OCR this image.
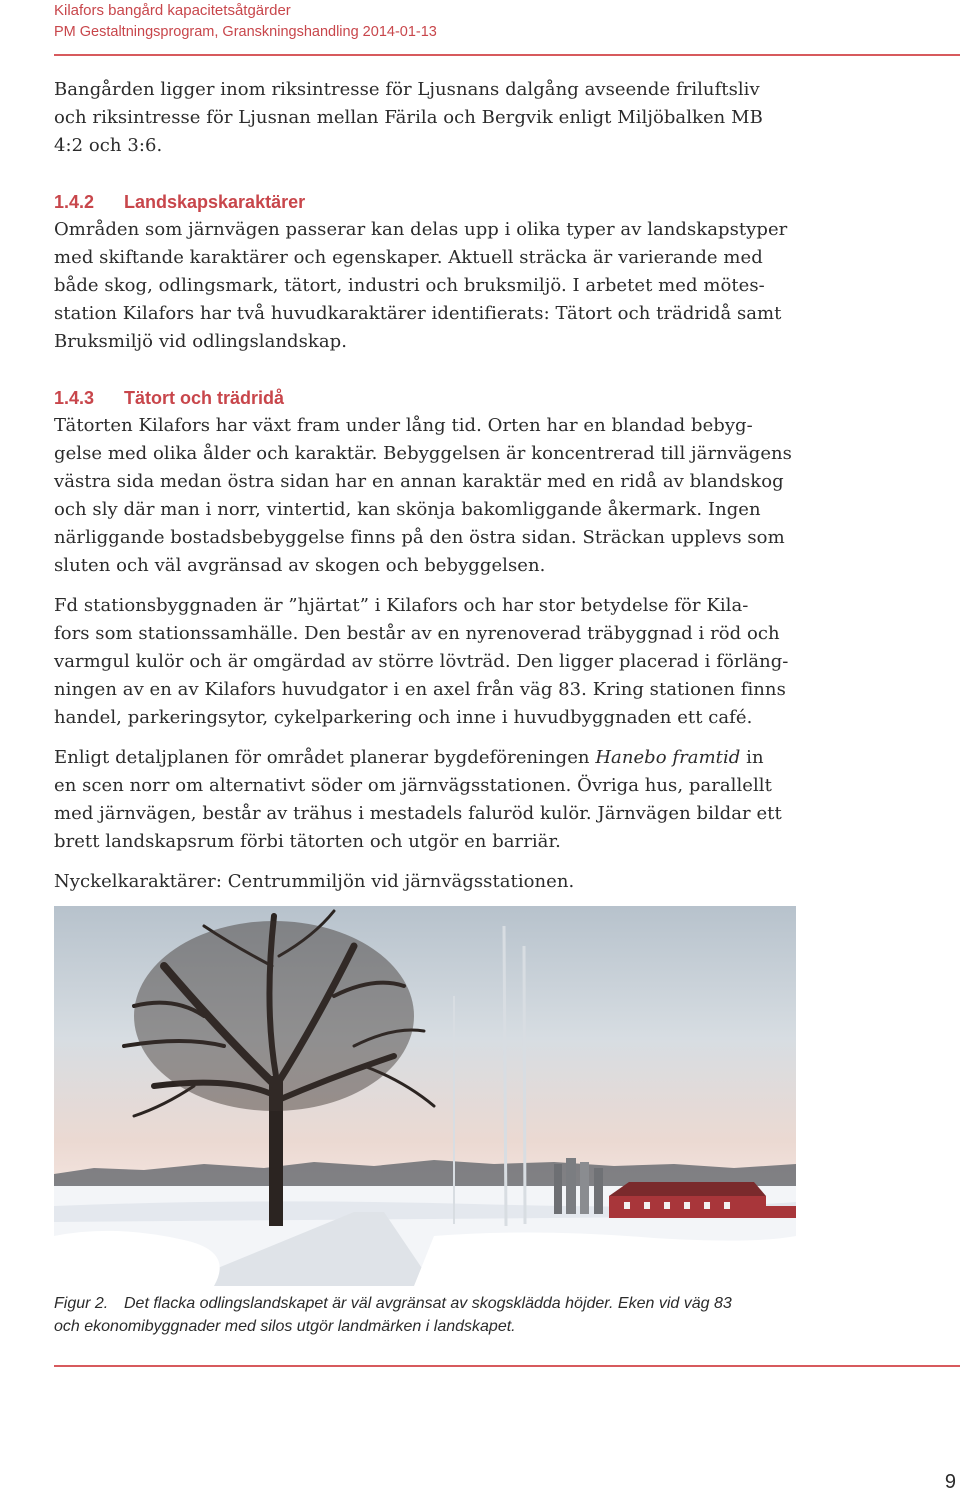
Kilafors bangård kapacitetsåtgärder
PM Gestaltningsprogram, Granskningshandling 2014-01-13

Bangården ligger inom riksintresse för Ljusnans dalgång avseende friluftsliv
och riksintresse för Ljusnan mellan Färila och Bergvik enligt Miljöbalken MB
4:2 och 3:6.

1.4.2 Landskapskaraktärer

Områden som järnvägen passerar kan delas upp i olika typer av landskapstyper
med skiftande karaktärer och egenskaper. Aktuell sträcka är varierande med
både skog, odlingsmark, tätort, industri och bruksmiljö. I arbetet med mötes-
station Kilafors har två huvudkaraktärer identifierats: Tätort och trädridå samt
Bruksmiljö vid odlingslandskap.

1.4.3 Tätort och trädridå

Tätorten Kilafors har växt fram under lång tid. Orten har en blandad bebyg-
gelse med olika ålder och karaktär. Bebyggelsen är koncentrerad till järnvägens
västra sida medan östra sidan har en annan karaktär med en ridå av blandskog
och sly där man i norr, vintertid, kan skönja bakomliggande åkermark. Ingen
närliggande bostadsbebyggelse finns på den östra sidan. Sträckan upplevs som
sluten och väl avgränsad av skogen och bebyggelsen.

Fd stationsbyggnaden är ”hjärtat” i Kilafors och har stor betydelse för Kila-
fors som stationssamhälle. Den består av en nyrenoverad träbyggnad i röd och
varmgul kulör och är omgärdad av större lövträd. Den ligger placerad i förläng-
ningen av en av Kilafors huvudgator i en axel från väg 83. Kring stationen finns
handel, parkeringsytor, cykelparkering och inne i huvudbyggnaden ett café.

Enligt detaljplanen för området planerar bygdeföreningen Hanebo framtid in
en scen norr om alternativt söder om järnvägsstationen. Övriga hus, parallellt
med järnvägen, består av trähus i mestadels faluröd kulör. Järnvägen bildar ett
brett landskapsrum förbi tätorten och utgör en barriär.

Nyckelkaraktärer: Centrummiljön vid järnvägsstationen.

Figur 2. Det flacka odlingslandskapet är väl avgränsat av skogsklädda höjder. Eken vid väg 83
och ekonomibyggnader med silos utgör landmärken i landskapet.
9
